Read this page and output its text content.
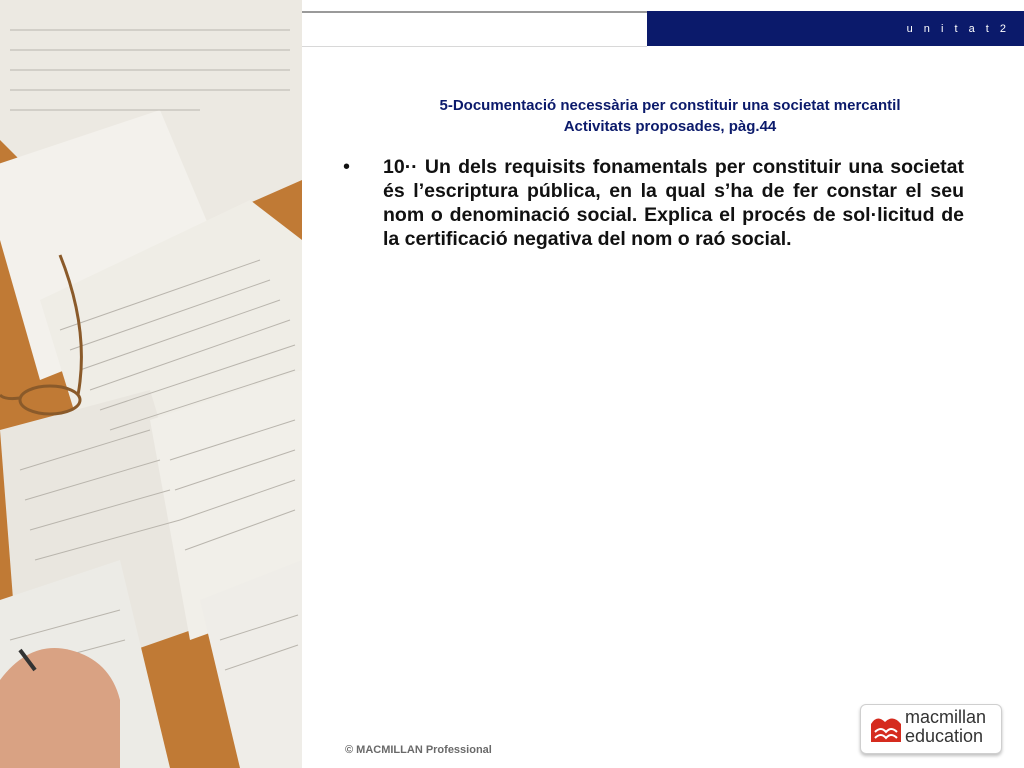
u n i t a t 2
5-Documentació necessària per constituir una societat mercantil
Activitats proposades, pàg.44
•	10·· Un dels requisits fonamentals per constituir una societat és l’escriptura pública, en la qual s’ha de fer constar el seu nom o denominació social. Explica el procés de sol·licitud de la certificació negativa del nom o raó social.
© MACMILLAN Professional
macmillan
education
